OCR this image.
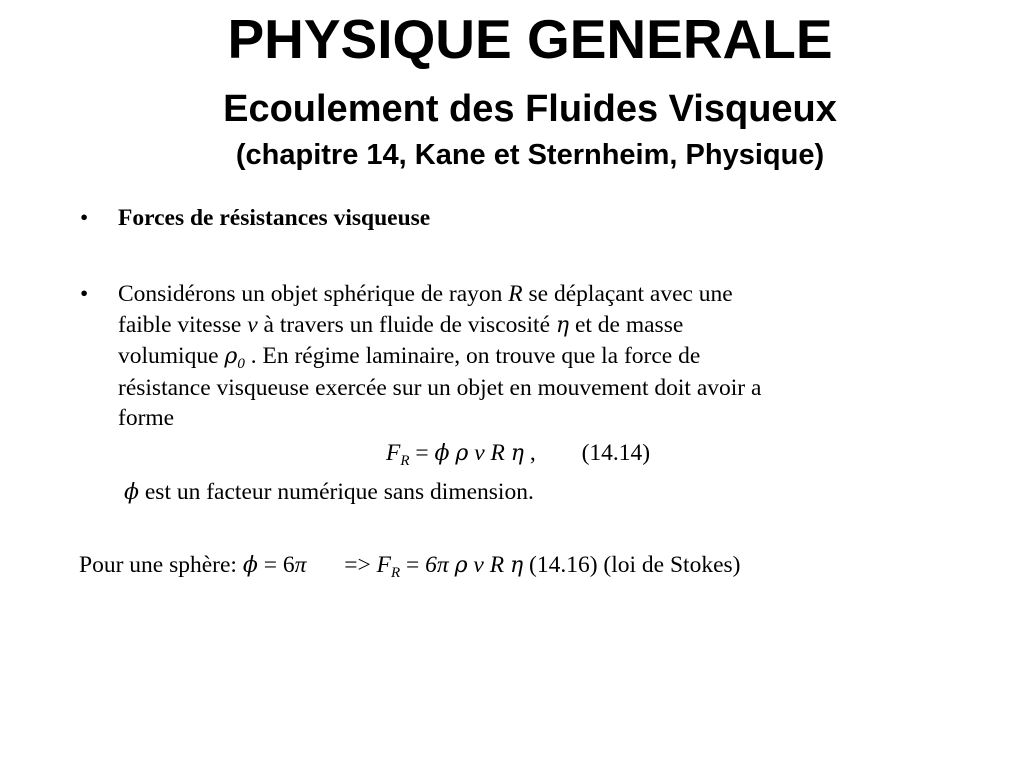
PHYSIQUE GENERALE
Ecoulement des Fluides Visqueux
(chapitre 14, Kane et Sternheim, Physique)
• Forces de résistances visqueuse
• Considérons un objet sphérique de rayon R se déplaçant avec une
faible vitesse v à travers un fluide de viscosité η et de masse
volumique $\rho_0$ . En régime laminaire, on trouve que la force de
résistance visqueuse exercée sur un objet en mouvement doit avoir a
forme
$F_R = \phi$ ρ v R η , (14.14)
ϕ est un facteur numérique sans dimension.
Pour une sphère: $\phi = 6\pi => F_R = 6\pi$ ρ v R η (14.16) (loi de Stokes)
